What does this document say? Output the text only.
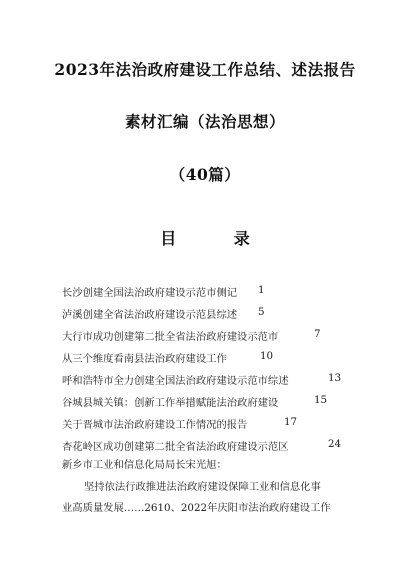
2023年法治政府建设工作总结、述法报告
素材汇编（法治思想）
（40篇）
目 录
长沙创建全国法治政府建设示范市侧记 1
泸溪创建全省法治政府建设示范县综述 5
大行市成功创建第二批全省法治政府建设示范市	7
从三个维度看南县法治政府建设工作	10
呼和浩特市全力创建全国法治政府建设示范市综述	13
谷城县城关镇：创新工作举措赋能法治政府建设	15
关于晋城市法治政府建设工作情况的报告	17
杏花岭区成功创建第二批全省法治政府建设示范区	24
新乡市工业和信息化局局长宋光旭：
坚持依法行政推进法治政府建设保障工业和信息化事
业高质量发展……2610、2022年庆阳市法治政府建设工作
